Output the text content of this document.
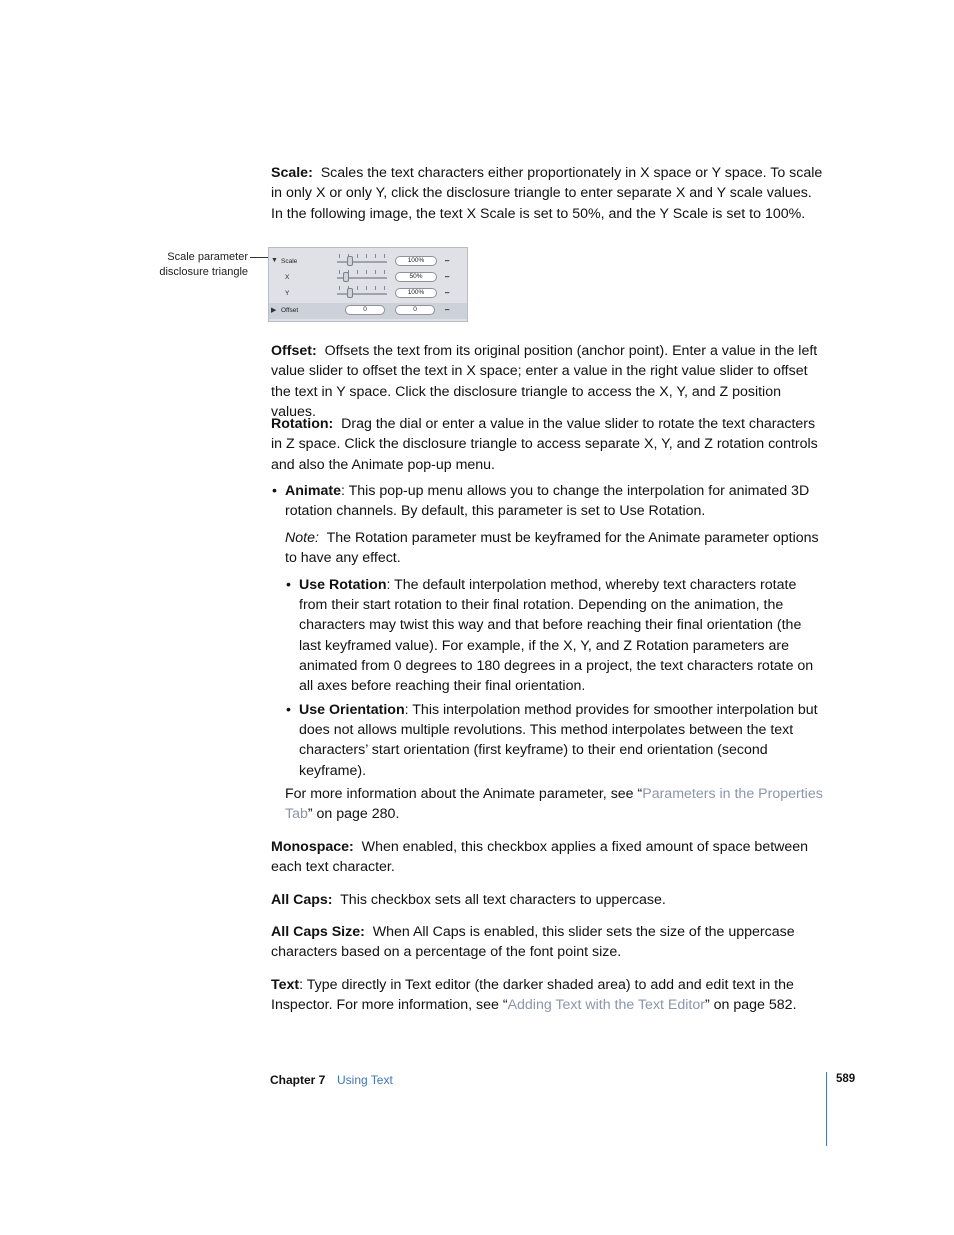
Scale: Scales the text characters either proportionately in X space or Y space. To scale in only X or only Y, click the disclosure triangle to enter separate X and Y scale values. In the following image, the text X Scale is set to 50%, and the Y Scale is set to 100%.

Scale parameter disclosure triangle
▼ Scale	100%	━
X	50%	━
Y	100%	━
▶ Offset	0	0	━

Offset: Offsets the text from its original position (anchor point). Enter a value in the left value slider to offset the text in X space; enter a value in the right value slider to offset the text in Y space. Click the disclosure triangle to access the X, Y, and Z position values.

Rotation: Drag the dial or enter a value in the value slider to rotate the text characters in Z space. Click the disclosure triangle to access separate X, Y, and Z rotation controls and also the Animate pop-up menu.

• Animate: This pop-up menu allows you to change the interpolation for animated 3D rotation channels. By default, this parameter is set to Use Rotation.

Note: The Rotation parameter must be keyframed for the Animate parameter options to have any effect.

• Use Rotation: The default interpolation method, whereby text characters rotate from their start rotation to their final rotation. Depending on the animation, the characters may twist this way and that before reaching their final orientation (the last keyframed value). For example, if the X, Y, and Z Rotation parameters are animated from 0 degrees to 180 degrees in a project, the text characters rotate on all axes before reaching their final orientation.

• Use Orientation: This interpolation method provides for smoother interpolation but does not allows multiple revolutions. This method interpolates between the text characters’ start orientation (first keyframe) to their end orientation (second keyframe).

For more information about the Animate parameter, see “Parameters in the Properties Tab” on page 280.

Monospace: When enabled, this checkbox applies a fixed amount of space between each text character.

All Caps: This checkbox sets all text characters to uppercase.

All Caps Size: When All Caps is enabled, this slider sets the size of the uppercase characters based on a percentage of the font point size.

Text: Type directly in Text editor (the darker shaded area) to add and edit text in the Inspector. For more information, see “Adding Text with the Text Editor” on page 582.

Chapter 7 Using Text	589
